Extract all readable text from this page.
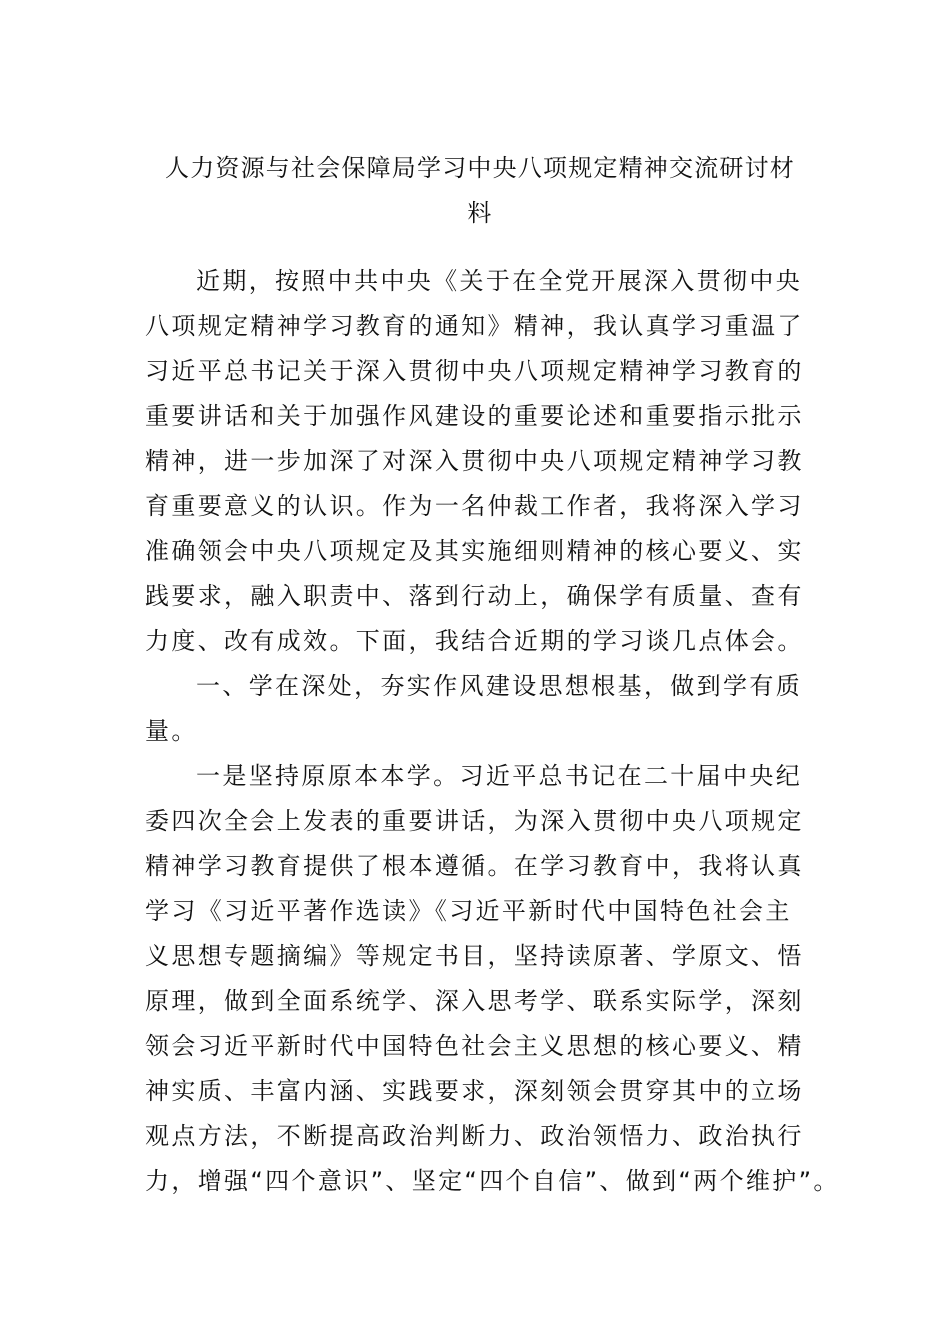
人力资源与社会保障局学习中央八项规定精神交流研讨材
料
近期，按照中共中央《关于在全党开展深入贯彻中央
八项规定精神学习教育的通知》精神，我认真学习重温了
习近平总书记关于深入贯彻中央八项规定精神学习教育的
重要讲话和关于加强作风建设的重要论述和重要指示批示
精神，进一步加深了对深入贯彻中央八项规定精神学习教
育重要意义的认识。作为一名仲裁工作者，我将深入学习
准确领会中央八项规定及其实施细则精神的核心要义、实
践要求，融入职责中、落到行动上，确保学有质量、查有
力度、改有成效。下面，我结合近期的学习谈几点体会。
一、学在深处，夯实作风建设思想根基，做到学有质
量。
一是坚持原原本本学。习近平总书记在二十届中央纪
委四次全会上发表的重要讲话，为深入贯彻中央八项规定
精神学习教育提供了根本遵循。在学习教育中，我将认真
学习《习近平著作选读》《习近平新时代中国特色社会主
义思想专题摘编》等规定书目，坚持读原著、学原文、悟
原理，做到全面系统学、深入思考学、联系实际学，深刻
领会习近平新时代中国特色社会主义思想的核心要义、精
神实质、丰富内涵、实践要求，深刻领会贯穿其中的立场
观点方法，不断提高政治判断力、政治领悟力、政治执行
力，增强“四个意识”、坚定“四个自信”、做到“两个维护”。
